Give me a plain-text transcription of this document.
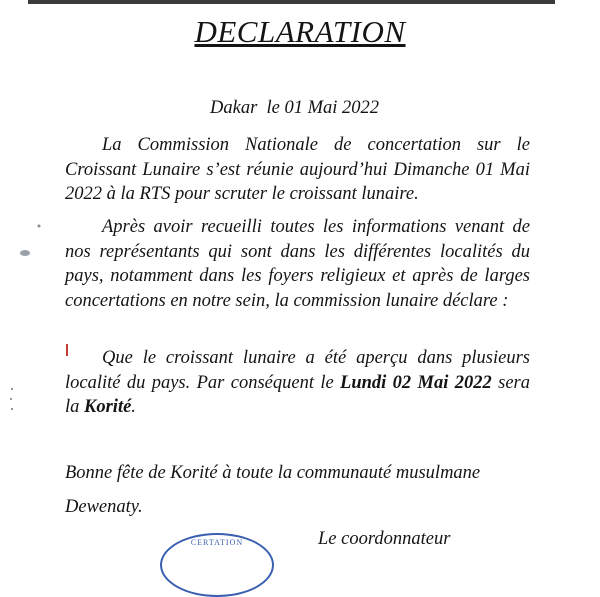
DECLARATION
Dakar  le 01 Mai 2022
La Commission Nationale de concertation sur le Croissant Lunaire s’est réunie aujourd’hui Dimanche 01 Mai 2022 à la RTS pour scruter le croissant lunaire.
Après avoir recueilli toutes les informations venant de nos représentants qui sont dans les différentes localités du pays, notamment dans les foyers religieux et après de larges concertations en notre sein, la commission lunaire déclare :
Que le croissant lunaire a été aperçu dans plusieurs localité du pays. Par conséquent le Lundi 02 Mai 2022 sera la Korité.
Bonne fête de Korité à toute la communauté musulmane
Dewenaty.
Le coordonnateur
CERTATION
